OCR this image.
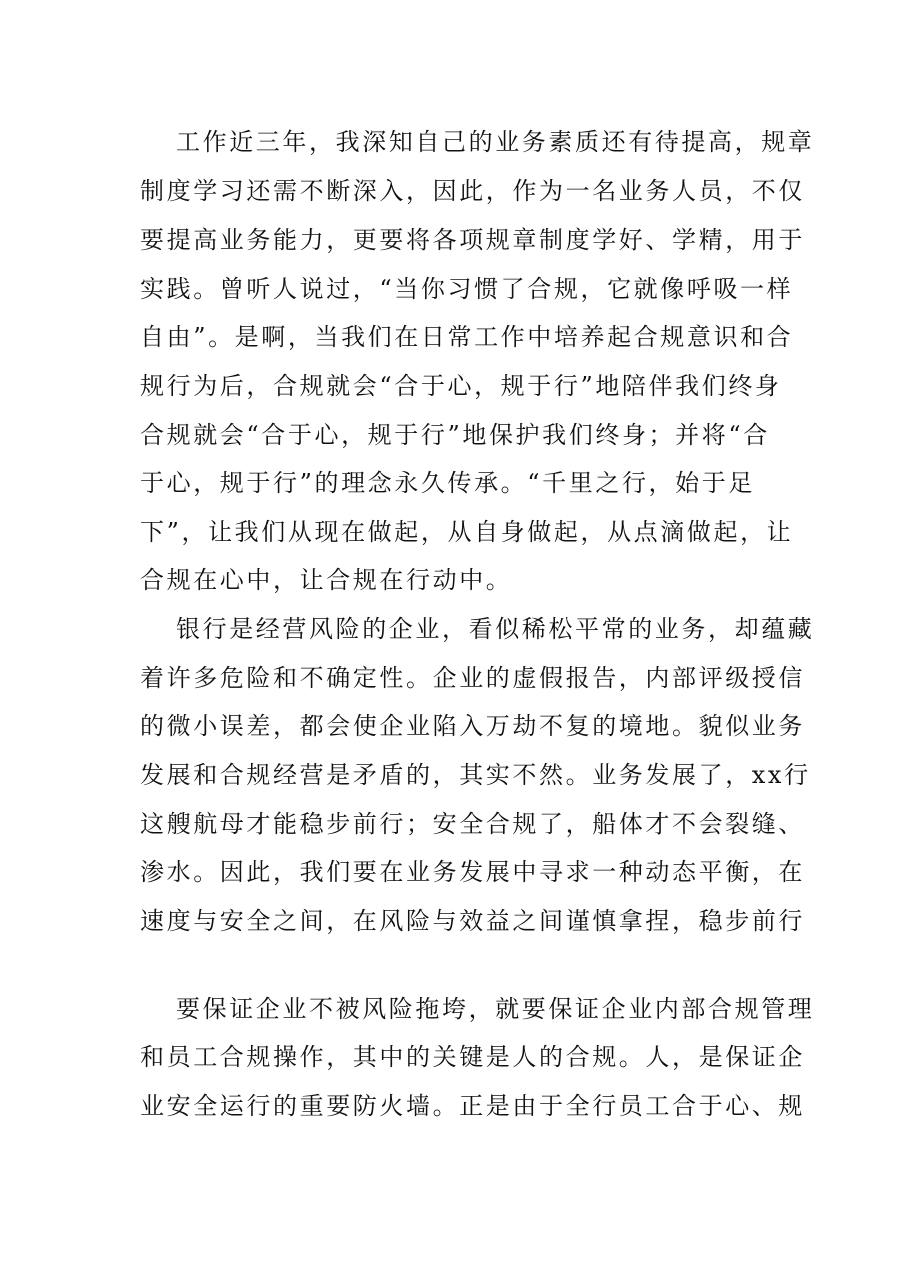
工作近三年，我深知自己的业务素质还有待提高，规章
制度学习还需不断深入，因此，作为一名业务人员，不仅
要提高业务能力，更要将各项规章制度学好、学精，用于
实践。曾听人说过，“当你习惯了合规，它就像呼吸一样
自由”。是啊，当我们在日常工作中培养起合规意识和合
规行为后，合规就会“合于心，规于行”地陪伴我们终身
合规就会“合于心，规于行”地保护我们终身；并将“合
于心，规于行”的理念永久传承。“千里之行，始于足
下”，让我们从现在做起，从自身做起，从点滴做起，让
合规在心中，让合规在行动中。
银行是经营风险的企业，看似稀松平常的业务，却蕴藏
着许多危险和不确定性。企业的虚假报告，内部评级授信
的微小误差，都会使企业陷入万劫不复的境地。貌似业务
发展和合规经营是矛盾的，其实不然。业务发展了，xx行
这艘航母才能稳步前行；安全合规了，船体才不会裂缝、
渗水。因此，我们要在业务发展中寻求一种动态平衡，在
速度与安全之间，在风险与效益之间谨慎拿捏，稳步前行
要保证企业不被风险拖垮，就要保证企业内部合规管理
和员工合规操作，其中的关键是人的合规。人，是保证企
业安全运行的重要防火墙。正是由于全行员工合于心、规
